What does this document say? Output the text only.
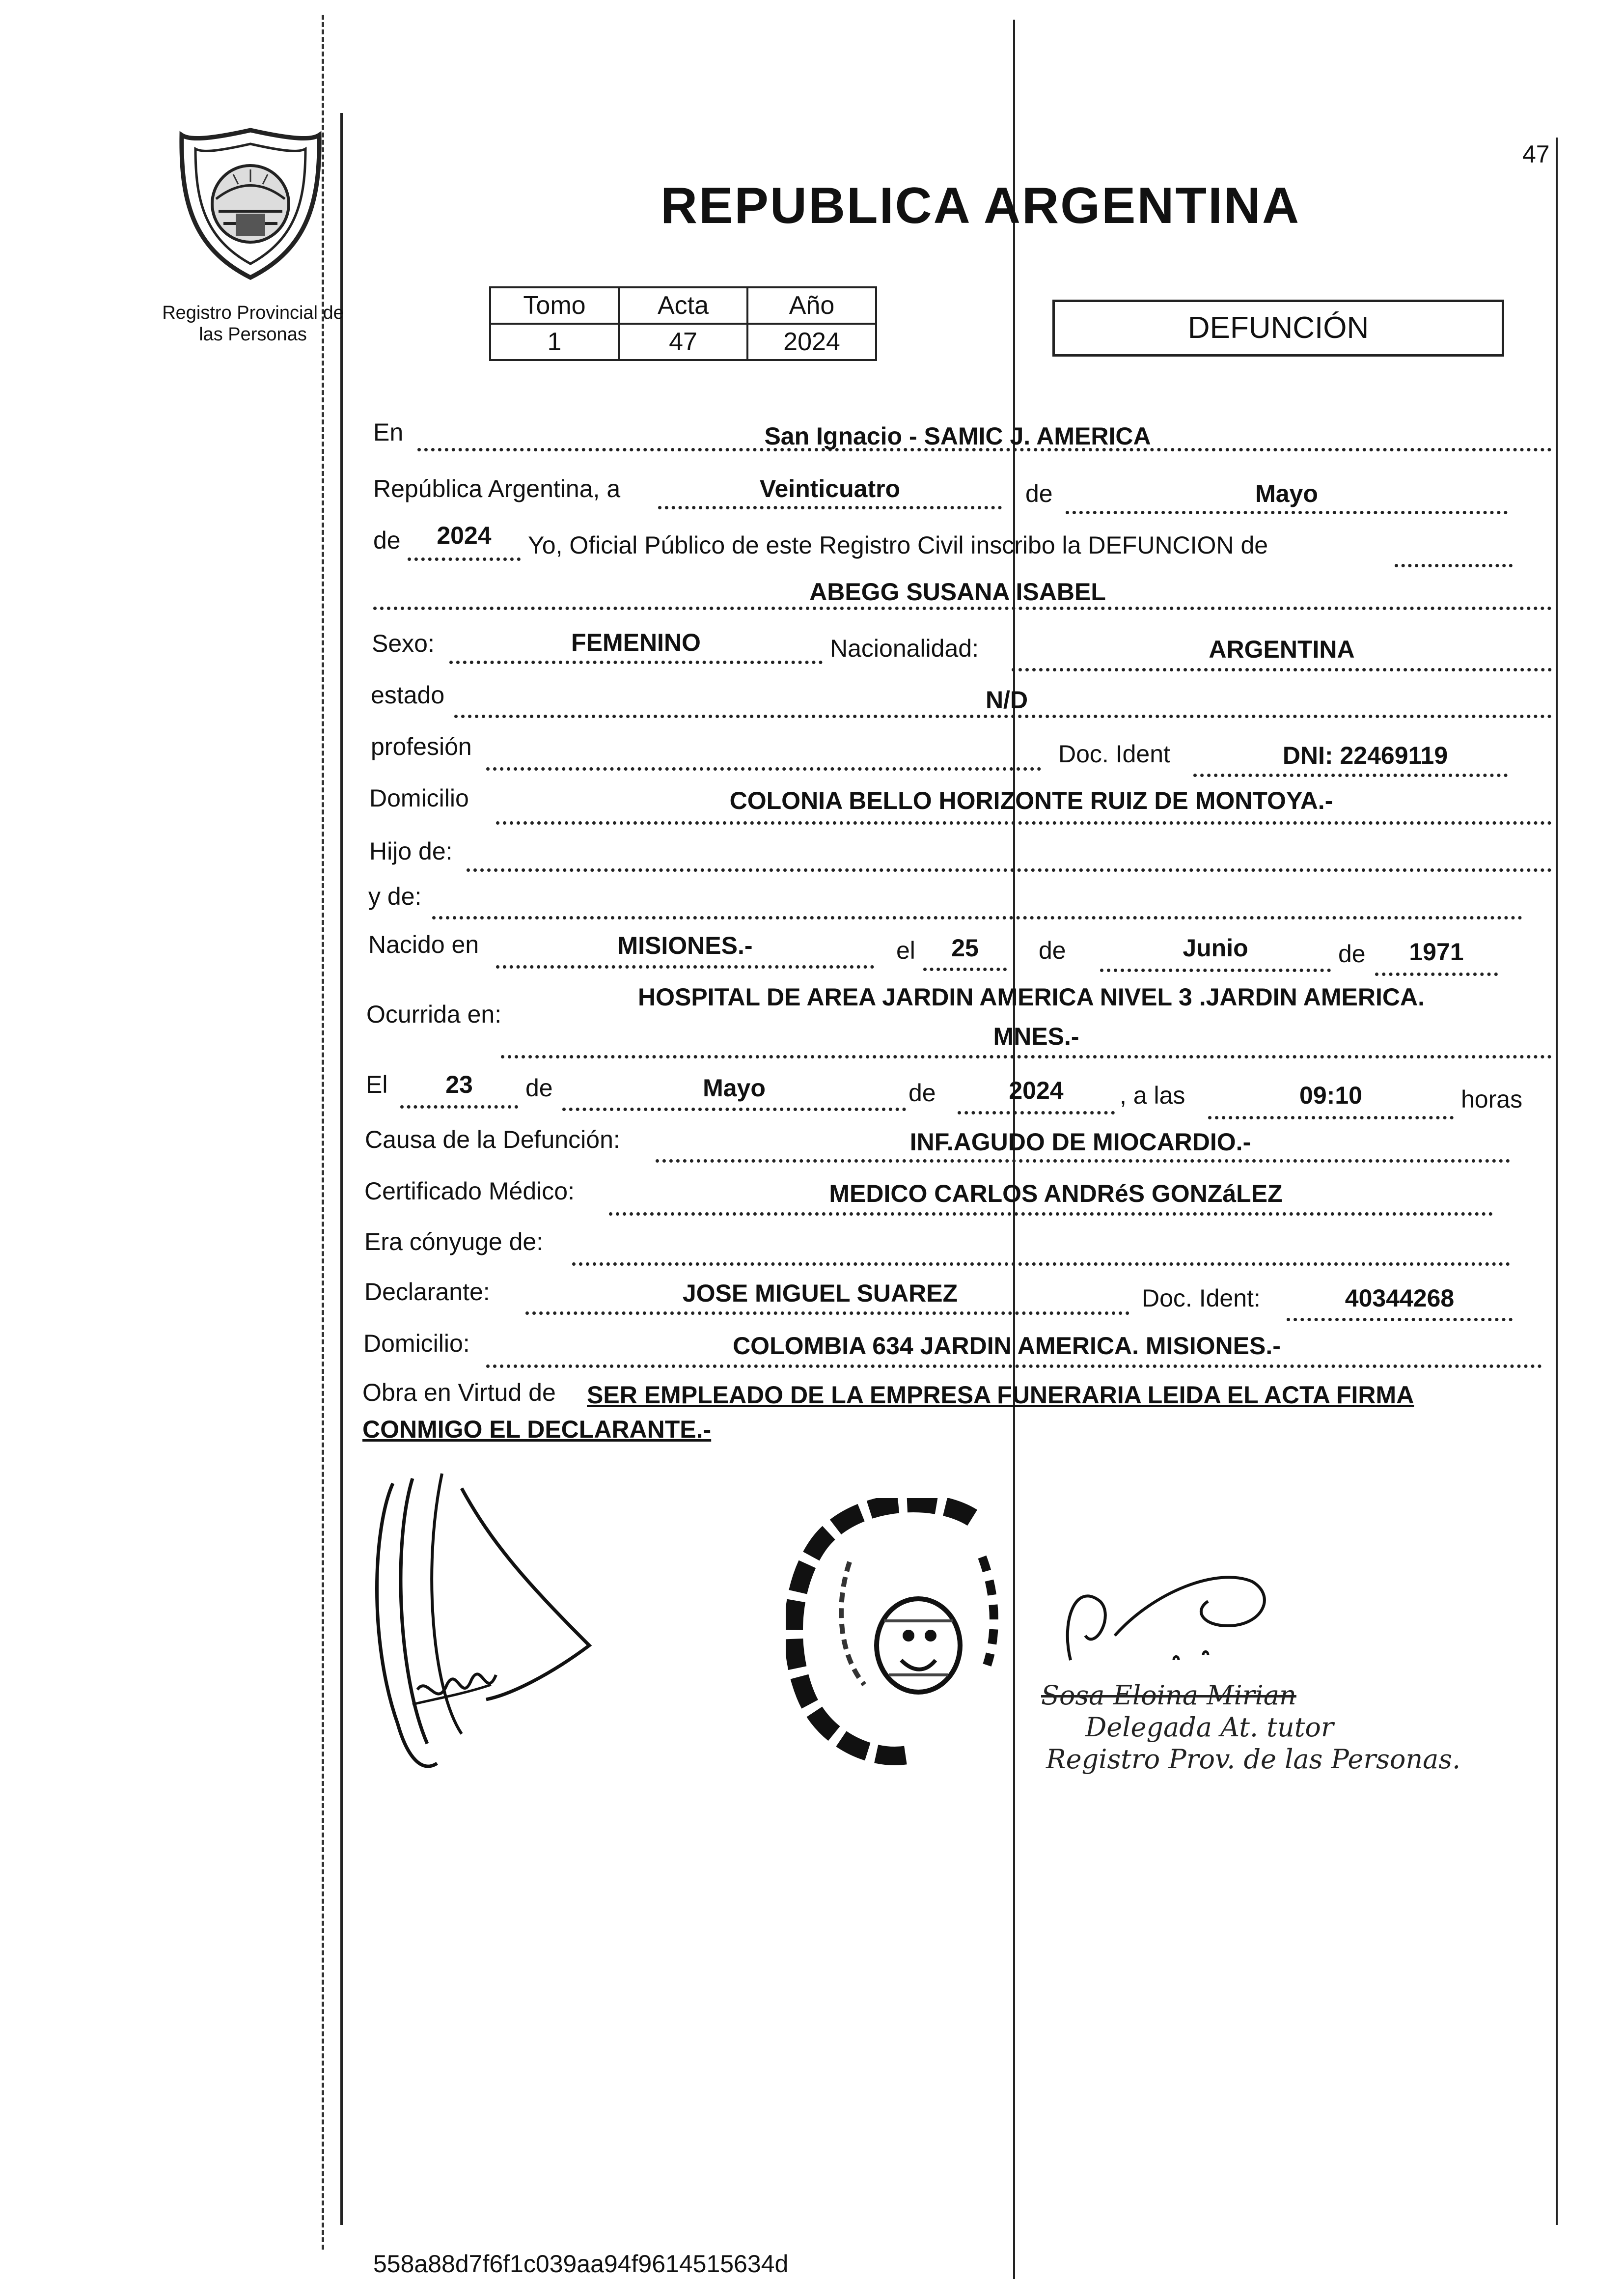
47
Registro Provincial de las Personas
REPUBLICA ARGENTINA
Tomo	Acta	Año
1	47	2024	DEFUNCIÓN
En	San Ignacio - SAMIC J. AMERICA
República Argentina, a	Veinticuatro	de	Mayo
de	2024	Yo, Oficial Público de este Registro Civil inscribo la DEFUNCION de
ABEGG SUSANA ISABEL
Sexo:	FEMENINO	Nacionalidad:	ARGENTINA
estado	N/D
profesión	Doc. Ident	DNI: 22469119
Domicilio	COLONIA BELLO HORIZONTE RUIZ DE MONTOYA.-
Hijo de:
y de:
Nacido en	MISIONES.-	el	25	de	Junio	de	1971
Ocurrida en:
HOSPITAL DE AREA JARDIN AMERICA NIVEL 3 .JARDIN AMERICA.
MNES.-
El	23	de	Mayo	de	2024	, a las	09:10	horas
Causa de la Defunción:	INF.AGUDO DE MIOCARDIO.-
Certificado Médico:	MEDICO CARLOS ANDRéS GONZáLEZ
Era cónyuge de:
Declarante:	JOSE MIGUEL SUAREZ	Doc. Ident:	40344268
Domicilio:	COLOMBIA 634 JARDIN AMERICA. MISIONES.-
Obra en Virtud de SER EMPLEADO DE LA EMPRESA FUNERARIA LEIDA EL ACTA FIRMA
CONMIGO EL DECLARANTE.-
Sosa Eloina Mirian
Delegada At. tutor
Registro Prov. de las Personas.
558a88d7f6f1c039aa94f9614515634d
